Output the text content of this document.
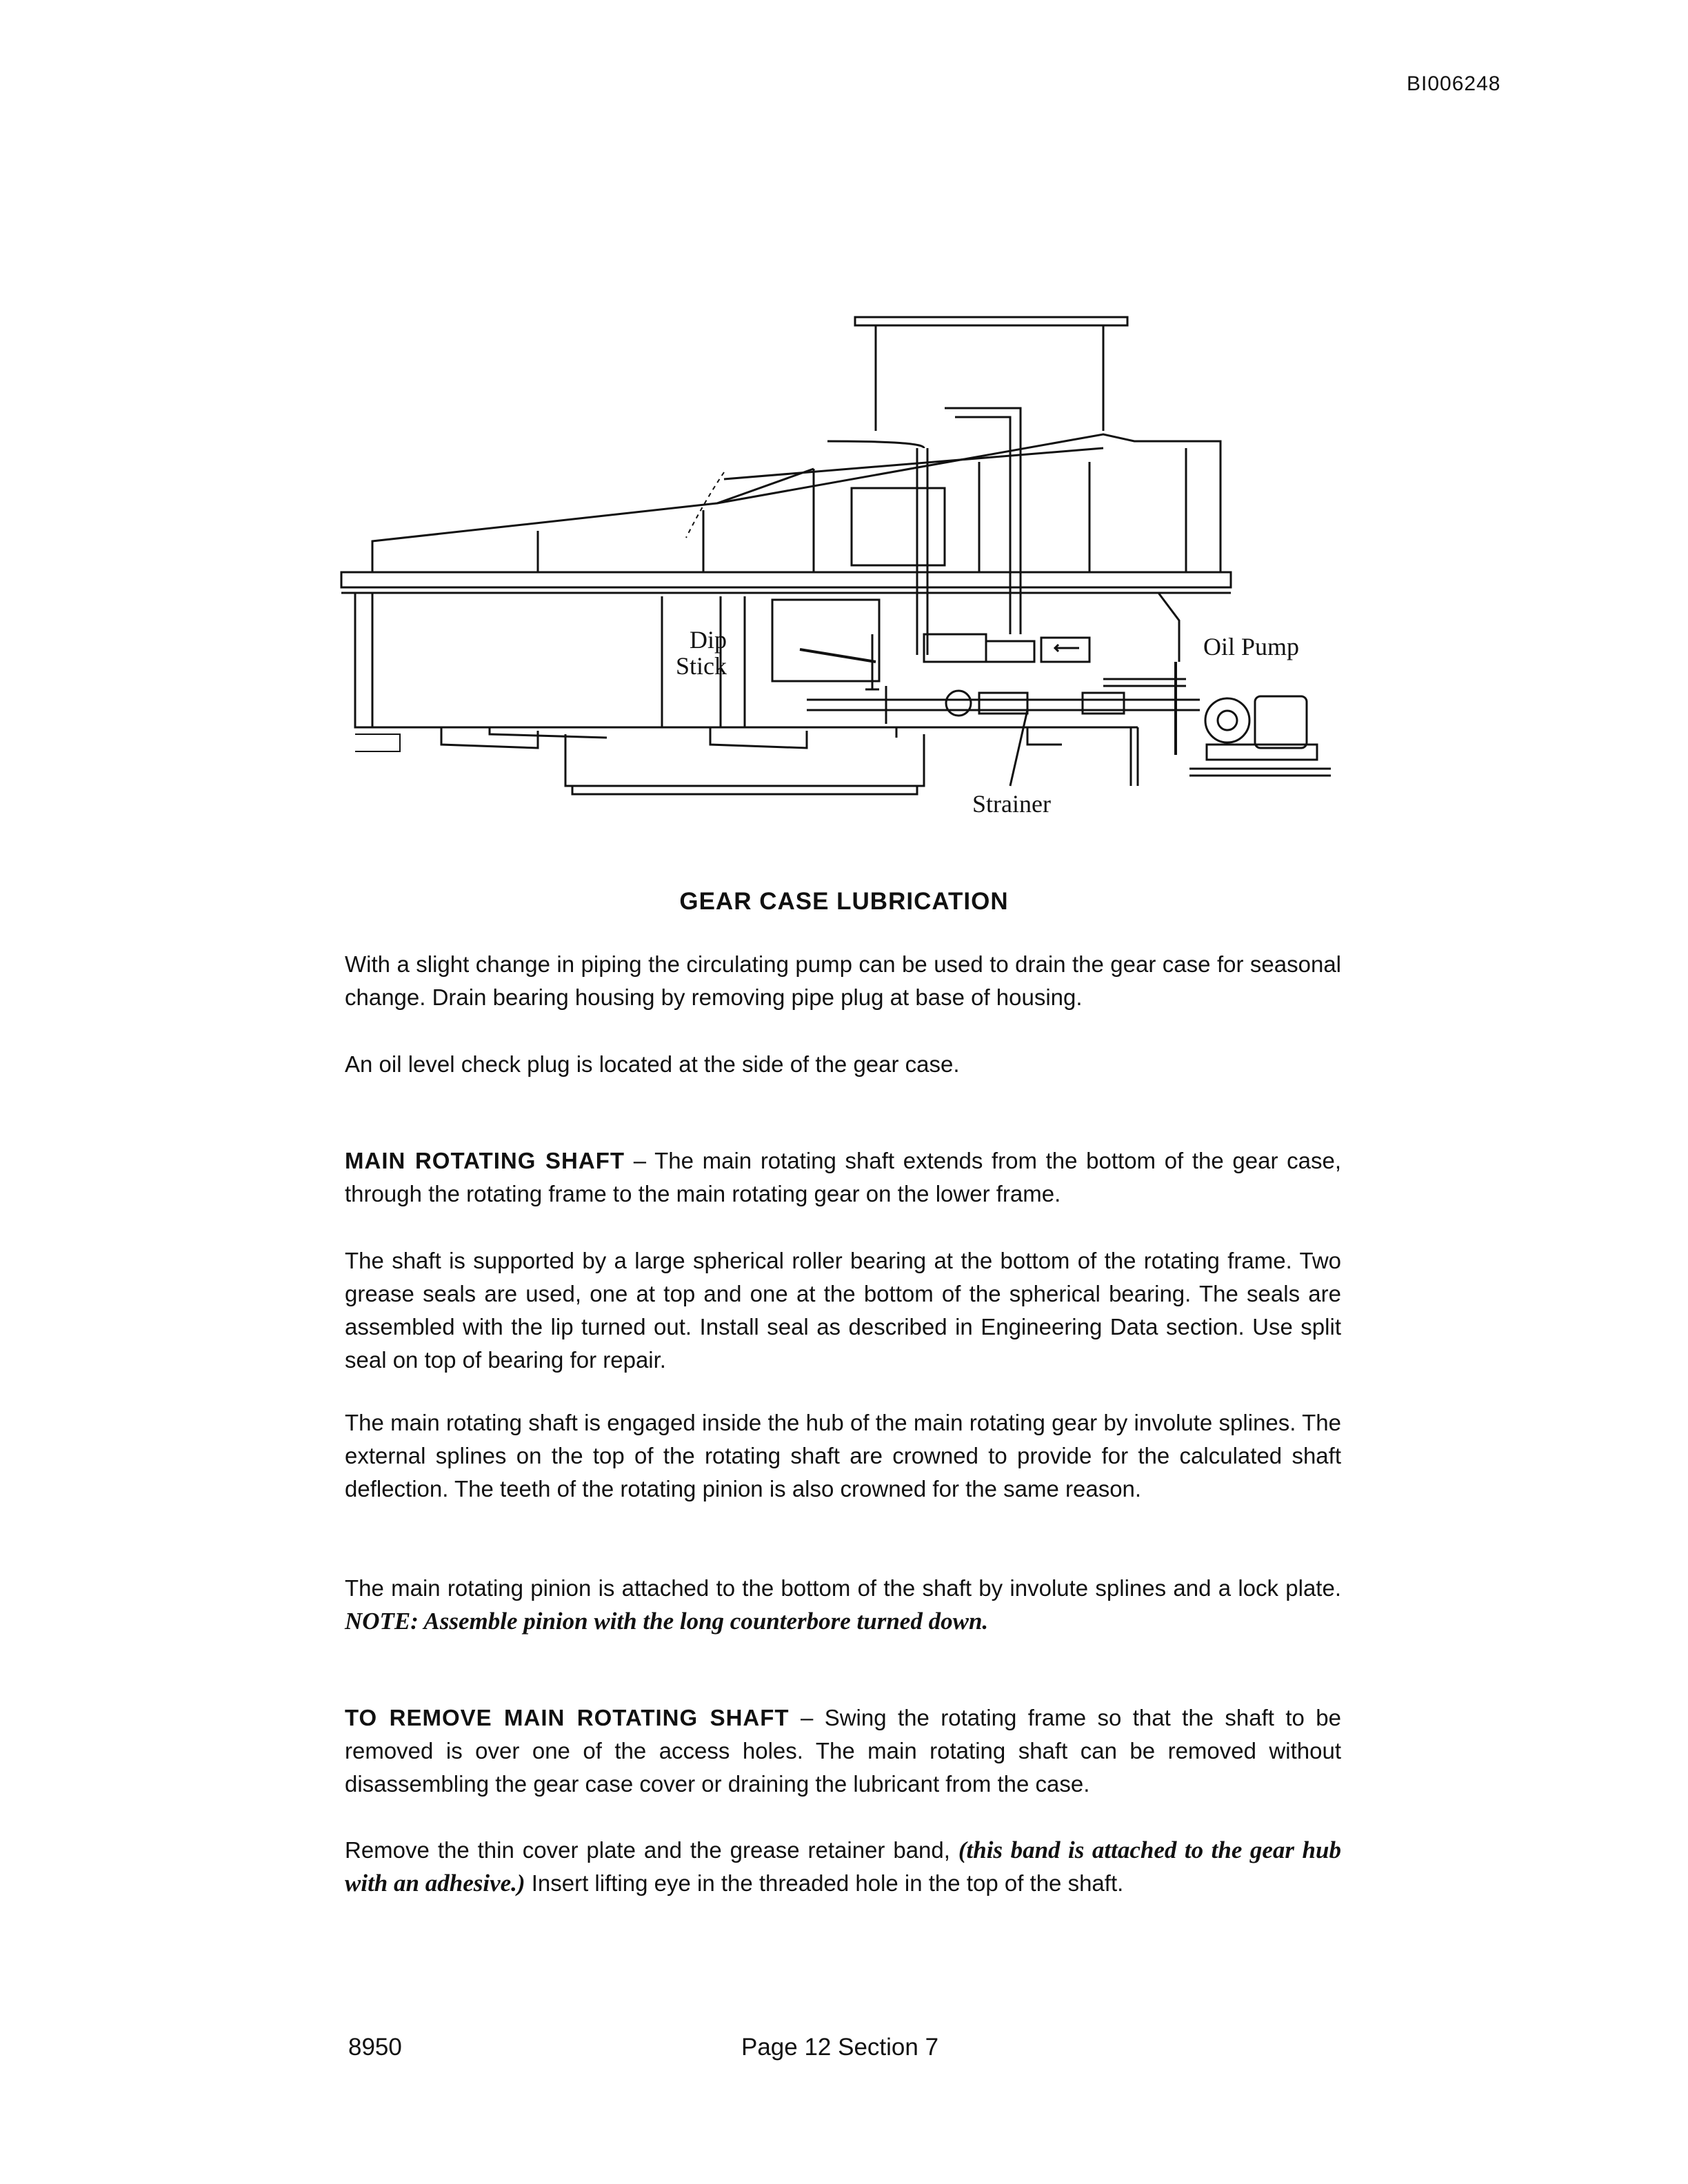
BI006248
Dip
Stick
Oil Pump
Strainer
GEAR CASE LUBRICATION

With a slight change in piping the circulating pump can be used to drain the gear case for seasonal change. Drain bearing housing by removing pipe plug at base of housing.

An oil level check plug is located at the side of the gear case.

MAIN ROTATING SHAFT – The main rotating shaft extends from the bottom of the gear case, through the rotating frame to the main rotating gear on the lower frame.

The shaft is supported by a large spherical roller bearing at the bottom of the rotating frame. Two grease seals are used, one at top and one at the bottom of the spherical bearing. The seals are assembled with the lip turned out. Install seal as described in Engineering Data section. Use split seal on top of bearing for repair.

The main rotating shaft is engaged inside the hub of the main rotating gear by involute splines. The external splines on the top of the rotating shaft are crowned to provide for the calculated shaft deflection. The teeth of the rotating pinion is also crowned for the same reason.

The main rotating pinion is attached to the bottom of the shaft by involute splines and a lock plate. NOTE: Assemble pinion with the long counterbore turned down.

TO REMOVE MAIN ROTATING SHAFT – Swing the rotating frame so that the shaft to be removed is over one of the access holes. The main rotating shaft can be removed without disassembling the gear case cover or draining the lubricant from the case.

Remove the thin cover plate and the grease retainer band, (this band is attached to the gear hub with an adhesive.) Insert lifting eye in the threaded hole in the top of the shaft.

8950	Page 12 Section 7
